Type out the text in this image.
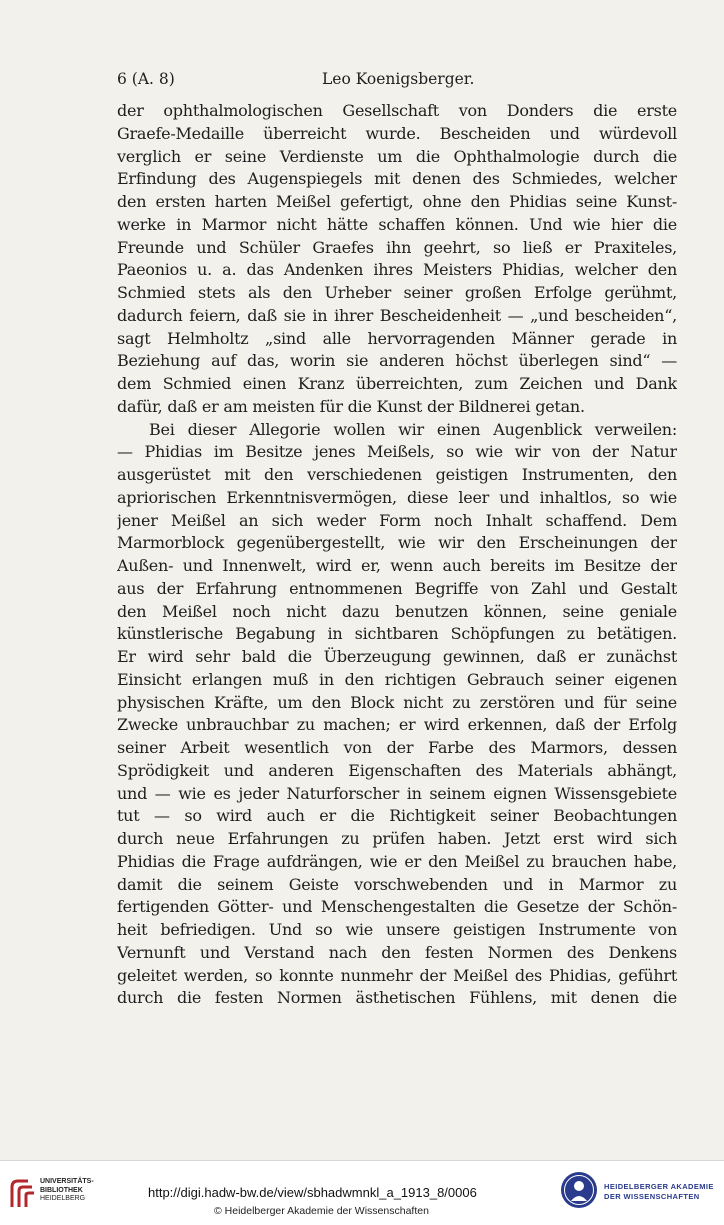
6 (A. 8)	Leo Koenigsberger.
der ophthalmologischen Gesellschaft von Donders die erste
Graefe-Medaille überreicht wurde. Bescheiden und würdevoll
verglich er seine Verdienste um die Ophthalmologie durch die
Erfindung des Augenspiegels mit denen des Schmiedes, welcher
den ersten harten Meißel gefertigt, ohne den Phidias seine Kunst-
werke in Marmor nicht hätte schaffen können. Und wie hier die
Freunde und Schüler Graefes ihn geehrt, so ließ er Praxiteles,
Paeonios u. a. das Andenken ihres Meisters Phidias, welcher den
Schmied stets als den Urheber seiner großen Erfolge gerühmt,
dadurch feiern, daß sie in ihrer Bescheidenheit — „und bescheiden“,
sagt Helmholtz „sind alle hervorragenden Männer gerade in
Beziehung auf das, worin sie anderen höchst überlegen sind“ —
dem Schmied einen Kranz überreichten, zum Zeichen und Dank
dafür, daß er am meisten für die Kunst der Bildnerei getan.
Bei dieser Allegorie wollen wir einen Augenblick verweilen:
— Phidias im Besitze jenes Meißels, so wie wir von der Natur
ausgerüstet mit den verschiedenen geistigen Instrumenten, den
apriorischen Erkenntnisvermögen, diese leer und inhaltlos, so wie
jener Meißel an sich weder Form noch Inhalt schaffend. Dem
Marmorblock gegenübergestellt, wie wir den Erscheinungen der
Außen- und Innenwelt, wird er, wenn auch bereits im Besitze der
aus der Erfahrung entnommenen Begriffe von Zahl und Gestalt
den Meißel noch nicht dazu benutzen können, seine geniale
künstlerische Begabung in sichtbaren Schöpfungen zu betätigen.
Er wird sehr bald die Überzeugung gewinnen, daß er zunächst
Einsicht erlangen muß in den richtigen Gebrauch seiner eigenen
physischen Kräfte, um den Block nicht zu zerstören und für seine
Zwecke unbrauchbar zu machen; er wird erkennen, daß der Erfolg
seiner Arbeit wesentlich von der Farbe des Marmors, dessen
Sprödigkeit und anderen Eigenschaften des Materials abhängt,
und — wie es jeder Naturforscher in seinem eignen Wissensgebiete
tut — so wird auch er die Richtigkeit seiner Beobachtungen
durch neue Erfahrungen zu prüfen haben. Jetzt erst wird sich
Phidias die Frage aufdrängen, wie er den Meißel zu brauchen habe,
damit die seinem Geiste vorschwebenden und in Marmor zu
fertigenden Götter- und Menschengestalten die Gesetze der Schön-
heit befriedigen. Und so wie unsere geistigen Instrumente von
Vernunft und Verstand nach den festen Normen des Denkens
geleitet werden, so konnte nunmehr der Meißel des Phidias, geführt
durch die festen Normen ästhetischen Fühlens, mit denen die
UNIVERSITÄTS-
BIBLIOTHEK
HEIDELBERG	http://digi.hadw-bw.de/view/sbhadwmnkl_a_1913_8/0006
© Heidelberger Akademie der Wissenschaften
HEIDELBERGER AKADEMIE
DER WISSENSCHAFTEN
